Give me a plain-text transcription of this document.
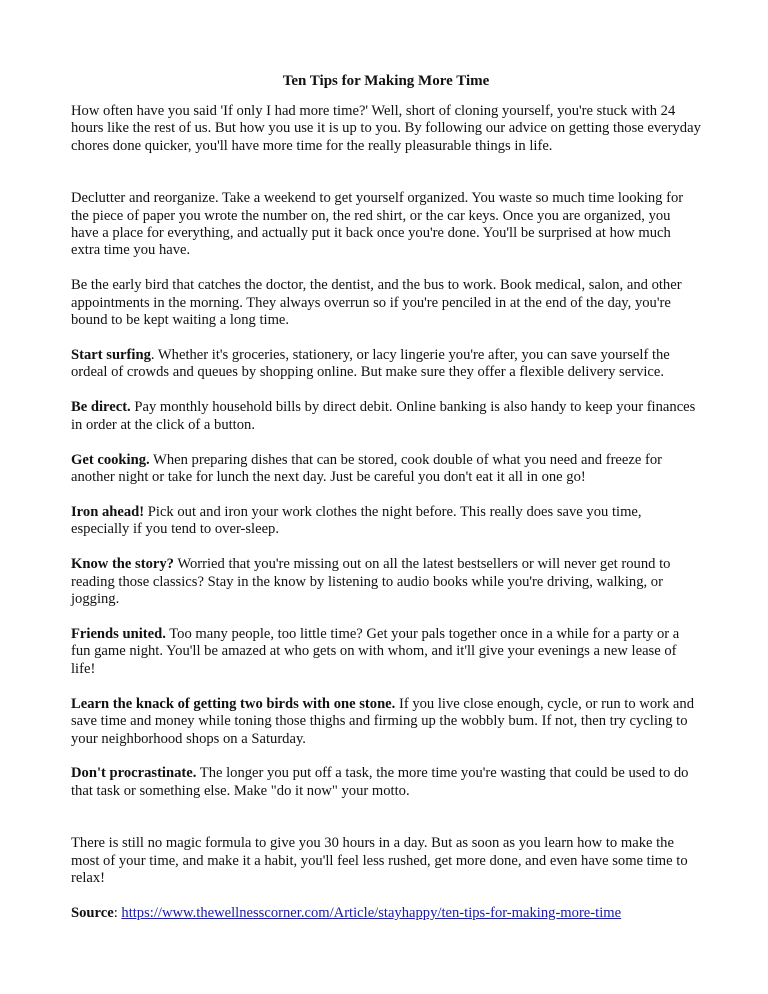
Ten Tips for Making More Time

How often have you said 'If only I had more time?' Well, short of cloning yourself, you're stuck with 24 hours like the rest of us. But how you use it is up to you. By following our advice on getting those everyday chores done quicker, you'll have more time for the really pleasurable things in life.

Declutter and reorganize. Take a weekend to get yourself organized. You waste so much time looking for the piece of paper you wrote the number on, the red shirt, or the car keys. Once you are organized, you have a place for everything, and actually put it back once you're done. You'll be surprised at how much extra time you have.

Be the early bird that catches the doctor, the dentist, and the bus to work. Book medical, salon, and other appointments in the morning. They always overrun so if you're penciled in at the end of the day, you're bound to be kept waiting a long time.

Start surfing. Whether it's groceries, stationery, or lacy lingerie you're after, you can save yourself the ordeal of crowds and queues by shopping online. But make sure they offer a flexible delivery service.

Be direct. Pay monthly household bills by direct debit. Online banking is also handy to keep your finances in order at the click of a button.

Get cooking. When preparing dishes that can be stored, cook double of what you need and freeze for another night or take for lunch the next day. Just be careful you don't eat it all in one go!

Iron ahead! Pick out and iron your work clothes the night before. This really does save you time, especially if you tend to over-sleep.

Know the story? Worried that you're missing out on all the latest bestsellers or will never get round to reading those classics? Stay in the know by listening to audio books while you're driving, walking, or jogging.

Friends united. Too many people, too little time? Get your pals together once in a while for a party or a fun game night. You'll be amazed at who gets on with whom, and it'll give your evenings a new lease of life!

Learn the knack of getting two birds with one stone. If you live close enough, cycle, or run to work and save time and money while toning those thighs and firming up the wobbly bum. If not, then try cycling to your neighborhood shops on a Saturday.

Don't procrastinate. The longer you put off a task, the more time you're wasting that could be used to do that task or something else. Make "do it now" your motto.

There is still no magic formula to give you 30 hours in a day. But as soon as you learn how to make the most of your time, and make it a habit, you'll feel less rushed, get more done, and even have some time to relax!

Source: https://www.thewellnesscorner.com/Article/stayhappy/ten-tips-for-making-more-time
